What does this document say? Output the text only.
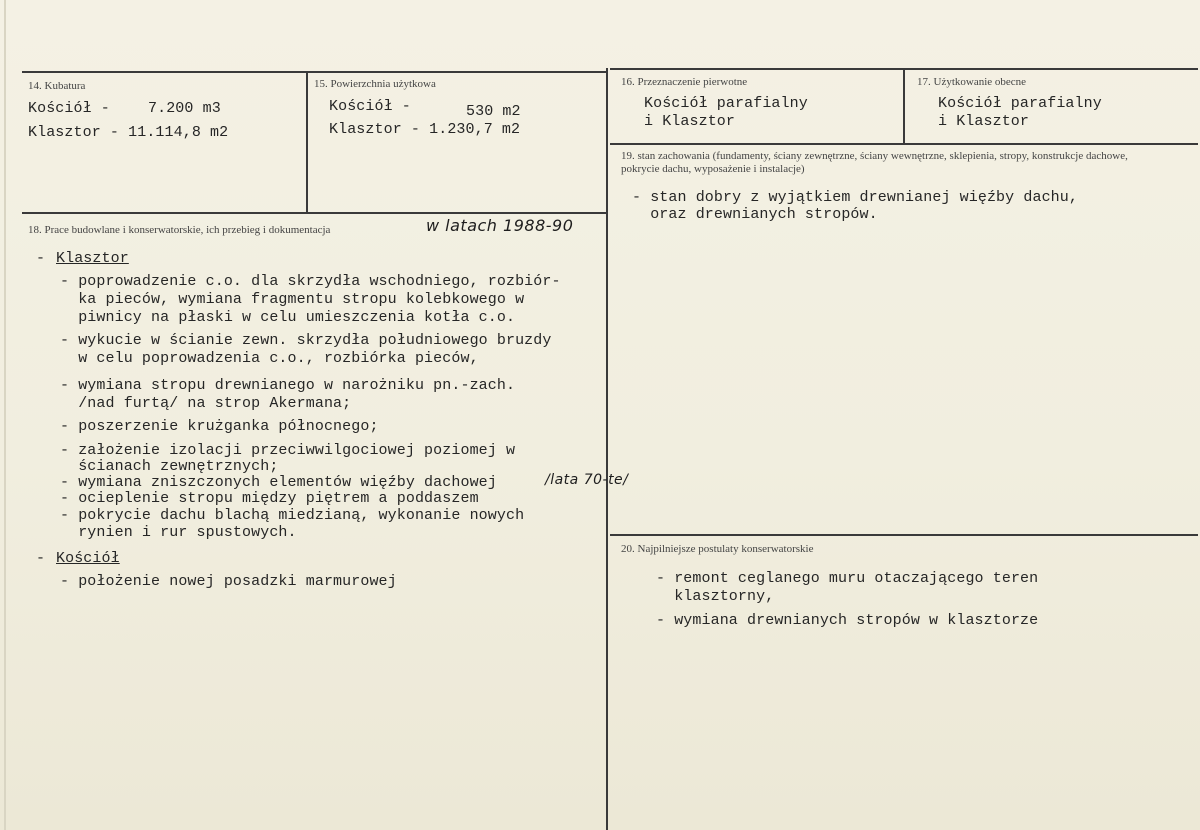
14. Kubatura
Kościół -	7.200 m3
Klasztor - 11.114,8 m2
15. Powierzchnia użytkowa
Kościół -	530 m2
Klasztor - 1.230,7 m2
16. Przeznaczenie pierwotne
Kościół parafialny
i Klasztor
17. Użytkowanie obecne
Kościół parafialny
i Klasztor
18. Prace budowlane i konserwatorskie, ich przebieg i dokumentacja	w latach 1988-90
- Klasztor
- poprowadzenie c.o. dla skrzydła wschodniego, rozbiór-
ka pieców, wymiana fragmentu stropu kolebkowego w
piwnicy na płaski w celu umieszczenia kotła c.o.
- wykucie w ścianie zewn. skrzydła południowego bruzdy
w celu poprowadzenia c.o., rozbiórka pieców,
- wymiana stropu drewnianego w narożniku pn.-zach.
/nad furtą/ na strop Akermana;
- poszerzenie krużganka północnego;
- założenie izolacji przeciwwilgociowej poziomej w
ścianach zewnętrznych;
- wymiana zniszczonych elementów więźby dachowej
- ocieplenie stropu między piętrem a poddaszem
- pokrycie dachu blachą miedzianą, wykonanie nowych
rynien i rur spustowych.
/lata 70-te/
- Kościół
- położenie nowej posadzki marmurowej
19. stan zachowania (fundamenty, ściany zewnętrzne, ściany wewnętrzne, sklepienia, stropy, konstrukcje dachowe, pokrycie dachu, wyposażenie i instalacje)
- stan dobry z wyjątkiem drewnianej więźby dachu,
oraz drewnianych stropów.
20. Najpilniejsze postulaty konserwatorskie
- remont ceglanego muru otaczającego teren
klasztorny,
- wymiana drewnianych stropów w klasztorze
